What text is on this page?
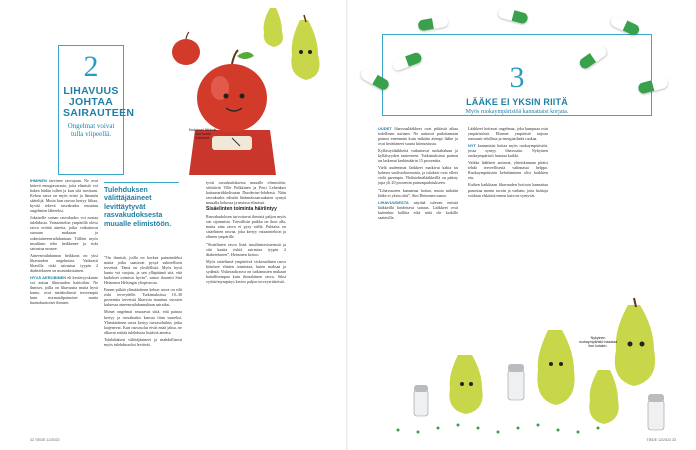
2
LIHAVUUS
JOHTAA
SAIRAUTEEN
Ongelmat voivat tulla viipeellä.
Kudokset liittävät, kun kunto kohenee.
Tulehduksen välittäjäaineet levittäytyvät rasvakudoksesta muualle elimistöön.

IHMINEN tarvitsee rasvojaan. Ne ovat kätevä energiavarasto, joita elimistö voi hakea hädän tullen ja kun sitä tarvitaan. Kehon rasva on myös eriste ja lämmön säätelijä. Mutta kun rasvaa kertyy liikaa, hyvää tekevä rasvakudos muuttuu ongelmien lähteeksi.

Jokaiselle vatsan rasvakudos voi nostaa tulehdusta. Vatsaontelon ympärillä oleva rasva erittää aineita, jotka vaikuttavat suoraan maksaan ja sokeriaineenvaihduntaan. Tällöin myös insuliinin teho heikkenee ja riski sairastua nousee.

Aineenvaihdunnan heikkous on yksi lihavuuden ongelmista. Vaikeasti lihavilla riski sairastua tyypin 2 diabetekseen on moninkertainen.

HYVÄ AEROBINEN eli kestävyyskunto voi auttaa lihavuuden haittoihin. Ne ihmiset, joilla on lihavuutta mutta hyvä kunto, ovat metabolisesti terveempiä kuin normaalipainoiset mutta huonokuntoiset ihmiset.

”On ihmisiä, joilla on korkea painoindeksi mutta jotka saattavat pysyä suhteellisen terveinä. Tämä on yksilöllistä. Myös hyvä kunto voi suojata, ja sen ylläpitämä sitä, että kudokset toimivat hyvin”, sanoo dosentti Sini Heinonen Helsingin yliopistosta.

Ennen pitkää ylimääräinen kehon rasva on silti riski terveydelle. Tutkimuksissa 10–30 prosenttia terveistä lihavista muuttuu vuosien kuluessa aineenvaihdunnaltaan sairaiksi.

Monet ongelmat seuraavat siitä, että painoa kertyy ja rasvakudos kasvaa liian suureksi. Ylimääräinen rasva kertyy rasvasoluihin, jotka laajenevat. Kun rasvasolut eivät enää jaksa, ne alkavat erittää tulehdusta lisääviä aineita.

Tulehduksen välittäjäaineet ja mahdollisesti myös tulehdussolut leviävät.

tyvät rasvakudoksesta muualle elimistöön, selittävät Ville Pulkkinen ja Petri Lehenkari kattausartikkelissaan Duodecim-lehdessä. Näin rasvakudos edistää liitännäissairauksien syntyä muualla kehossa ja muissa elimissä.

Sisäelinten toiminta häiriintyy

Rasvakudoksen turvottavat ihmisiä paljon myös sen sijainnista. Turvallisin paikka on ihon alla, mutta aina rasva ei pysy siellä. Puhtaita on sisäelinten rasvaa, joka kertyy vatsaonteloon ja elinten ympärille.

”Sisäelinten rasva lisää insuliiniresistenssiä ja sitä kautta riskiä sairastua tyypin 2 diabetekseen”, Heinonen kertoo.

Myös sisäelimiä ympäröivä viskeraalinen rasva häiritsee elinten toimintaa, kuten maksaa ja sydäntä. Viskeraalirasva on tutkimusten mukaan haitallisempaa kuin ihonalainen rasva. Siksi vyötärönympärys kertoo paljon terveysriskeistä.

32 TIEDE 12/2023
3
LÄÄKE EI YKSIN RIITÄ
Myös ruokaympäristöä kannattaisi korjata.

UUDET lihavuuslääkkeet ovat pitkästä aikaa todellinen uutinen. Ne auttavat pudottamaan painoa enemmän kuin mikään aiempi lääke ja ovat herättäneet suurta kiinnostusta.

Kyllästyslääkkeitä vaikuttavat ruokahaluun ja kylläisyyden tunteeseen. Tutkimuksissa painon on laskenut keskimäärin 15 prosenttia.

Vielä uudemmat lääkkeet matkivat kahta tai kolmea suolistohormonia, ja tulokset ovat olleet vielä parempia. Yhdistelmälääkkeillä on päästy jopa yli 20 prosentin painonpudotukseen.

”Lihavuuteen kannattaa hoitaa, mutta mikään lääke ei yksin riitä”, Sini Heinonen sanoo.

LIHAVUUDESTA näyttää tulevan entistä lääkkeillä hoidettava sairaus. Lääkkeet ovat kuitenkin kalliita eikä niitä ole kaikille saatavilla.

Lääkkeet hoitavat ongelmaa, joka kumpuaa osin ympäristöstä. Elinmer ympäristö tarjoaa runsaasti edullista ja energiatiheää ruokaa.

NYT kannattaisi hoitaa myös ruokaympäristöä, jossa syntyy lihavuutta. Nykyinen ruokaympäristö haastaa kaikki.

Vaikka lääkkeet auttavat, yhteiskunnan pitäisi tehdä terveellisestä valinnasta helppo. Ruokaympäristön kehittäminen olisi kaikkien etu.

Kaiken kaikkiaan lihavuuden hoitoon kannattaa panostaa monin tavoin ja varhain, jotta haittoja voidaan ehkäistä ennen kuin ne syntyvät.

Nykyinen ruokaympäristö haastaa itse kutakin.
TIEDE 12/2023 33
